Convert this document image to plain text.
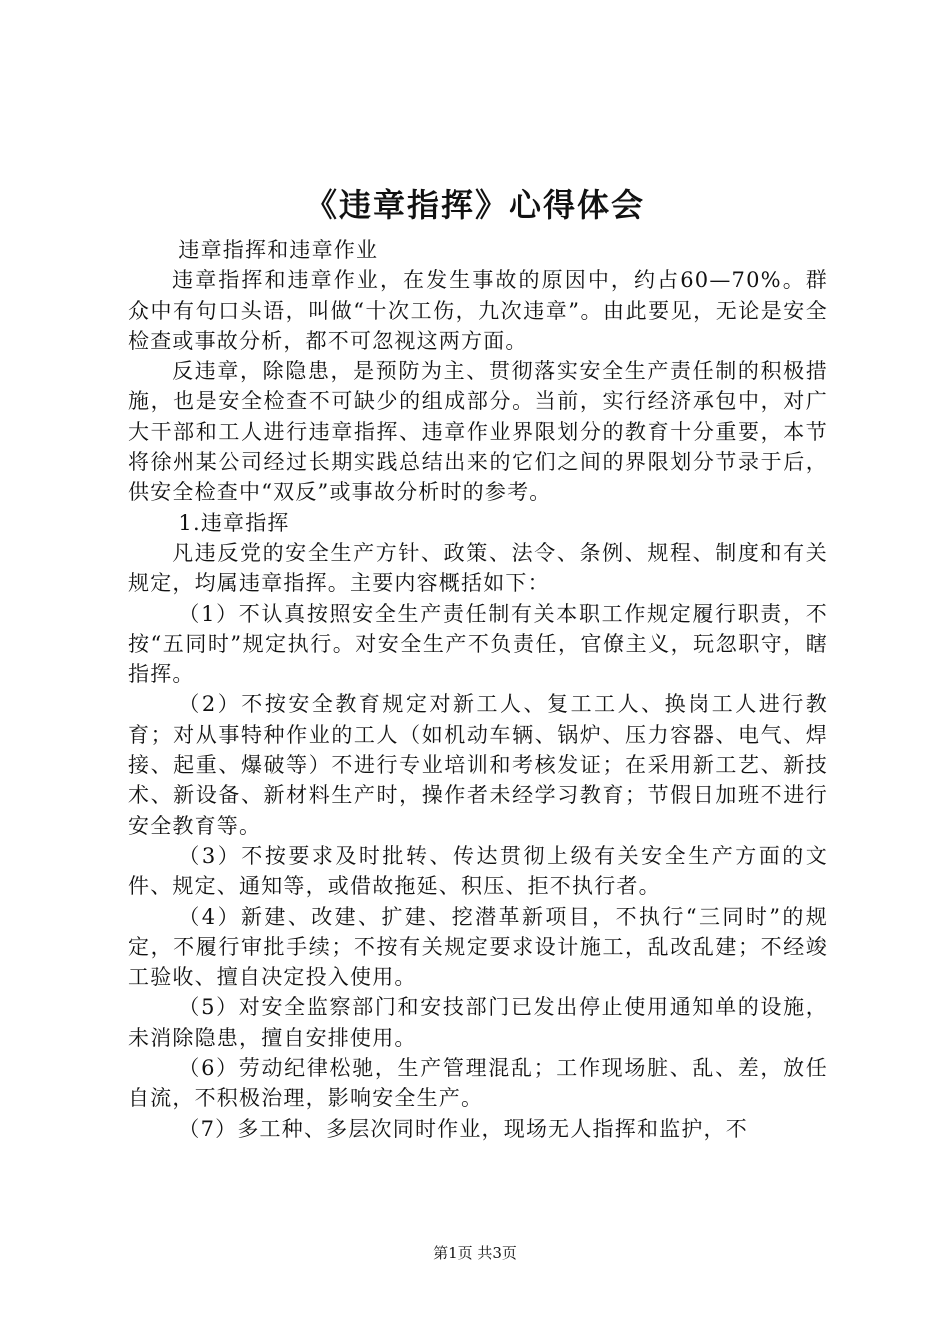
《违章指挥》心得体会

违章指挥和违章作业

违章指挥和违章作业，在发生事故的原因中，约占60—70%。群众中有句口头语，叫做“十次工伤，九次违章”。由此要见，无论是安全检查或事故分析，都不可忽视这两方面。

反违章，除隐患，是预防为主、贯彻落实安全生产责任制的积极措施，也是安全检查不可缺少的组成部分。当前，实行经济承包中，对广大干部和工人进行违章指挥、违章作业界限划分的教育十分重要，本节将徐州某公司经过长期实践总结出来的它们之间的界限划分节录于后，供安全检查中“双反”或事故分析时的参考。

1.违章指挥

凡违反党的安全生产方针、政策、法令、条例、规程、制度和有关规定，均属违章指挥。主要内容概括如下：

（1）不认真按照安全生产责任制有关本职工作规定履行职责，不按“五同时”规定执行。对安全生产不负责任，官僚主义，玩忽职守，瞎指挥。

（2）不按安全教育规定对新工人、复工工人、换岗工人进行教育；对从事特种作业的工人（如机动车辆、锅炉、压力容器、电气、焊接、起重、爆破等）不进行专业培训和考核发证；在采用新工艺、新技术、新设备、新材料生产时，操作者未经学习教育；节假日加班不进行安全教育等。

（3）不按要求及时批转、传达贯彻上级有关安全生产方面的文件、规定、通知等，或借故拖延、积压、拒不执行者。

（4）新建、改建、扩建、挖潜革新项目，不执行“三同时”的规定，不履行审批手续；不按有关规定要求设计施工，乱改乱建；不经竣工验收、擅自决定投入使用。

（5）对安全监察部门和安技部门已发出停止使用通知单的设施，未消除隐患，擅自安排使用。

（6）劳动纪律松驰，生产管理混乱；工作现场脏、乱、差，放任自流，不积极治理，影响安全生产。

（7）多工种、多层次同时作业，现场无人指挥和监护，不

第1页 共3页
